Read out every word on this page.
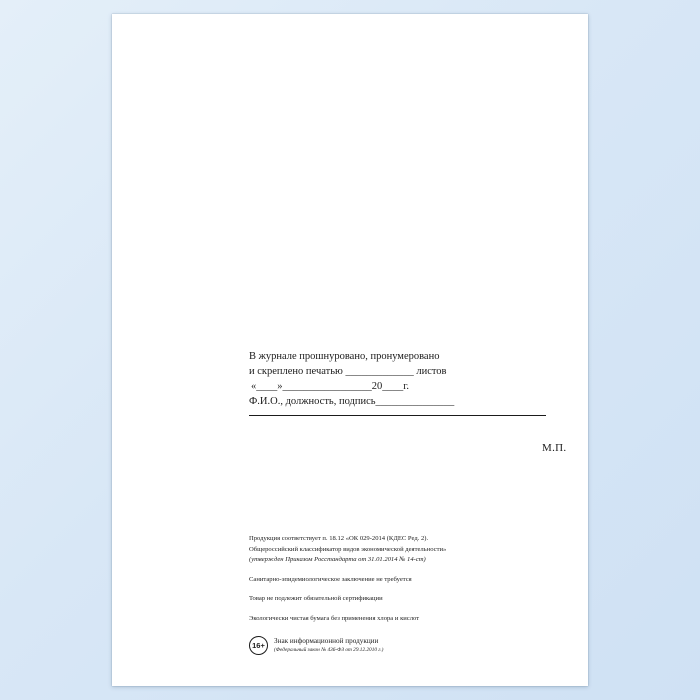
В журнале прошнуровано, пронумеровано
и скреплено печатью _____________ листов
«____»_________________20____г.
Ф.И.О., должность, подпись_______________
М.П.

Продукция соответствует п. 18.12 «ОК 029-2014 (КДЕС Ред. 2).
Общероссийский классификатор видов экономической деятельности»
(утвержден Приказом Росстандарта от 31.01.2014 № 14-ст)

Санитарно-эпидемиологическое заключение не требуется

Товар не подлежит обязательной сертификации

Экологически чистая бумага без применения хлора и кислот

16+	Знак информационной продукции
(Федеральный закон № 436-ФЗ от 29.12.2010 г.)
